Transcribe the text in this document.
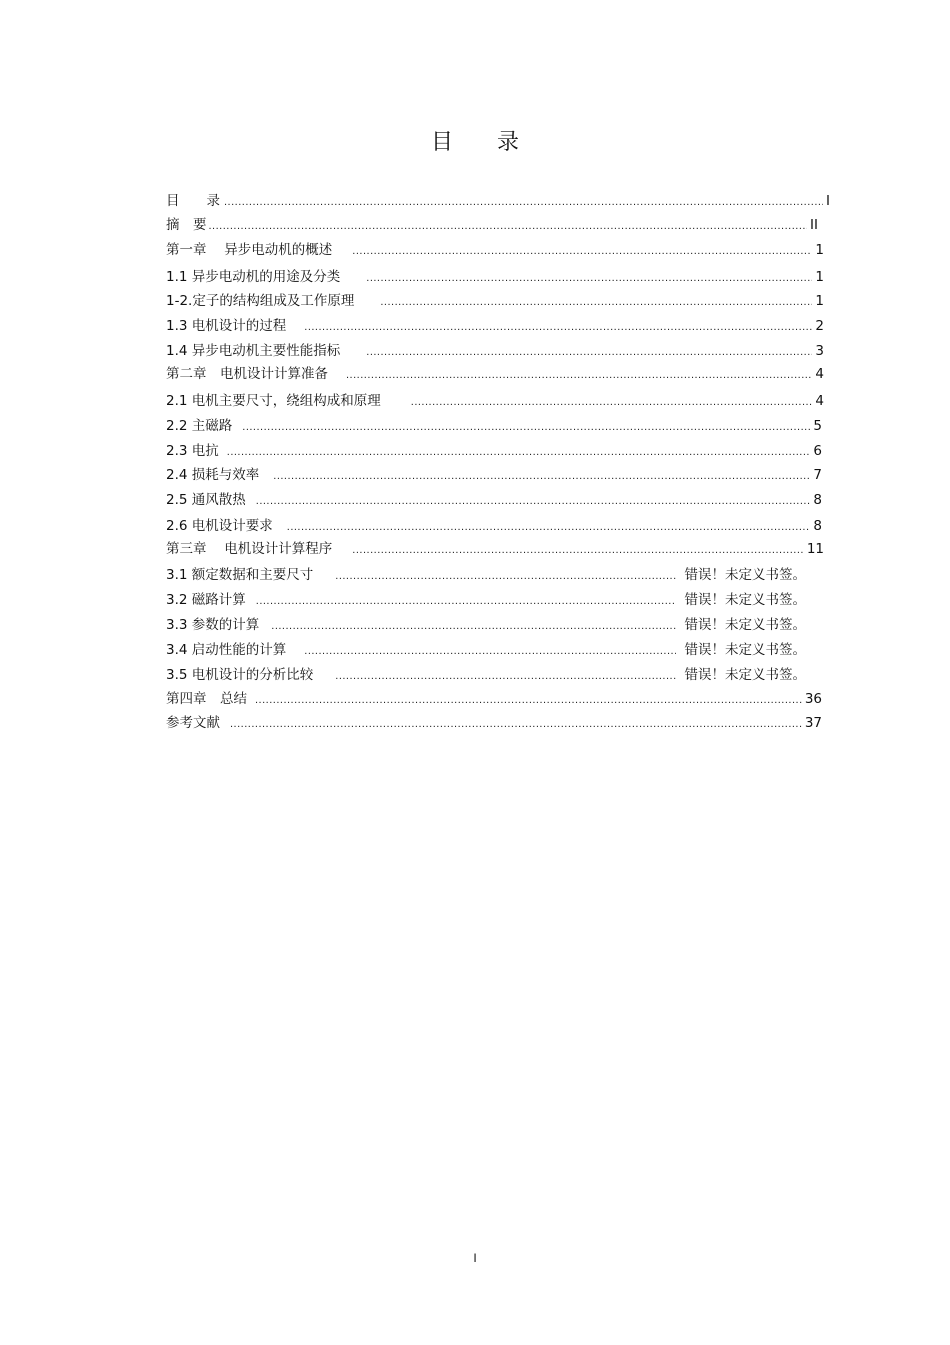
目　　录
目　　录 .....	I
摘　要 .....	II
第一章　 异步电动机的概述 .....	1
1.1 异步电动机的用途及分类 .....	1
1-2.定子的结构组成及工作原理 .....	1
1.3 电机设计的过程 .....	2
1.4 异步电动机主要性能指标 .....	3
第二章　电机设计计算准备 .....	4
2.1 电机主要尺寸，绕组构成和原理 .....	4
2.2 主磁路 .....	5
2.3 电抗 .....	6
2.4 损耗与效率 .....	7
2.5 通风散热 .....	8
2.6 电机设计要求 .....	8
第三章　 电机设计计算程序 .....	11
3.1 额定数据和主要尺寸 .....	错误！未定义书签。
3.2 磁路计算 .....	错误！未定义书签。
3.3 参数的计算 .....	错误！未定义书签。
3.4 启动性能的计算 .....	错误！未定义书签。
3.5 电机设计的分析比较 .....	错误！未定义书签。
第四章　总结 .....	36
参考文献 .....	37
I
